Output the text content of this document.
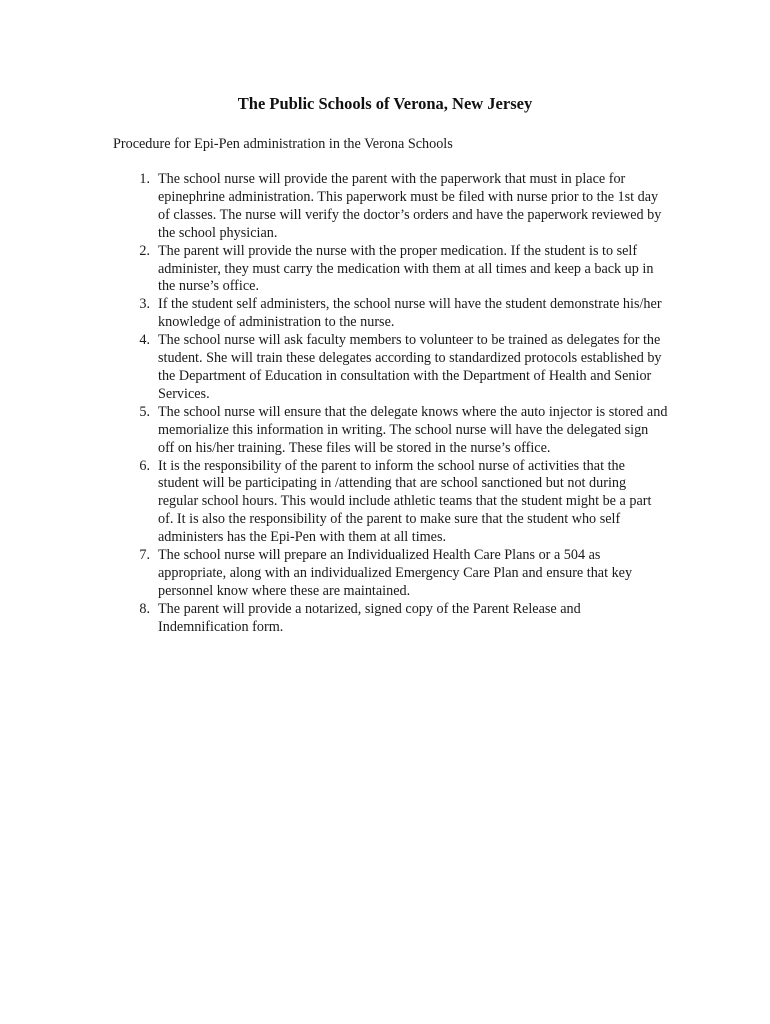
The Public Schools of Verona, New Jersey

Procedure for Epi-Pen administration in the Verona Schools

1. The school nurse will provide the parent with the paperwork that must in place for epinephrine administration. This paperwork must be filed with nurse prior to the 1st day of classes. The nurse will verify the doctor’s orders and have the paperwork reviewed by the school physician.
2. The parent will provide the nurse with the proper medication. If the student is to self administer, they must carry the medication with them at all times and keep a back up in the nurse’s office.
3. If the student self administers, the school nurse will have the student demonstrate his/her knowledge of administration to the nurse.
4. The school nurse will ask faculty members to volunteer to be trained as delegates for the student. She will train these delegates according to standardized protocols established by the Department of Education in consultation with the Department of Health and Senior Services.
5. The school nurse will ensure that the delegate knows where the auto injector is stored and memorialize this information in writing. The school nurse will have the delegated sign off on his/her training. These files will be stored in the nurse’s office.
6. It is the responsibility of the parent to inform the school nurse of activities that the student will be participating in /attending that are school sanctioned but not during regular school hours. This would include athletic teams that the student might be a part of. It is also the responsibility of the parent to make sure that the student who self administers has the Epi-Pen with them at all times.
7. The school nurse will prepare an Individualized Health Care Plans or a 504 as appropriate, along with an individualized Emergency Care Plan and ensure that key personnel know where these are maintained.
8. The parent will provide a notarized, signed copy of the Parent Release and Indemnification form.
